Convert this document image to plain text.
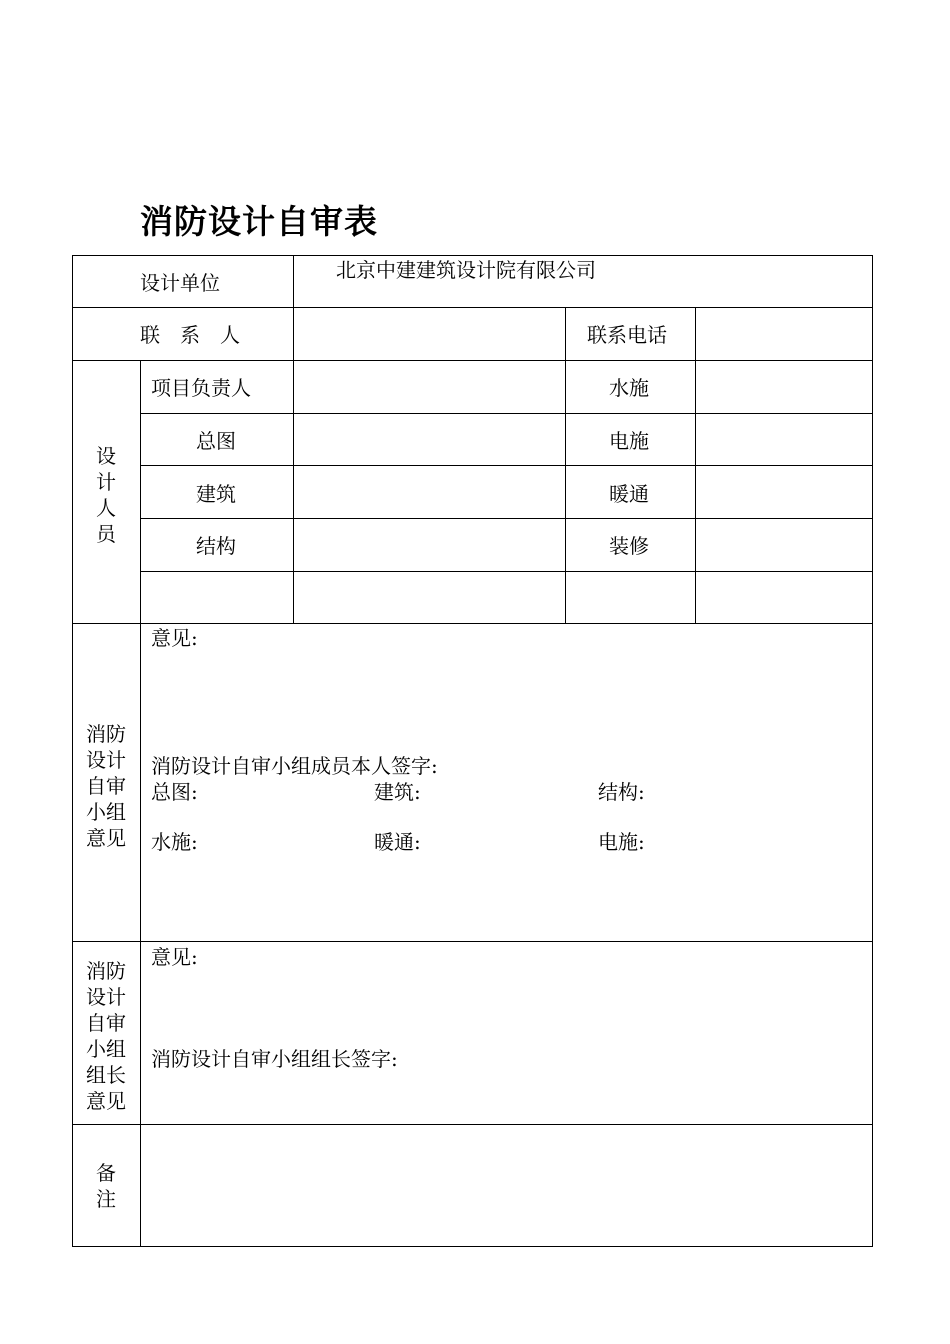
消防设计自审表
设计单位
北京中建建筑设计院有限公司
联　系　人	联系电话
设
计
人
员
项目负责人	水施
总图	电施
建筑	暖通
结构	装修
消防
设计
自审
小组
意见
意见:
消防设计自审小组成员本人签字:
总图:	建筑:	结构:
水施:	暖通:	电施:
消防
设计
自审
小组
组长
意见
意见:
消防设计自审小组组长签字:
备
注
